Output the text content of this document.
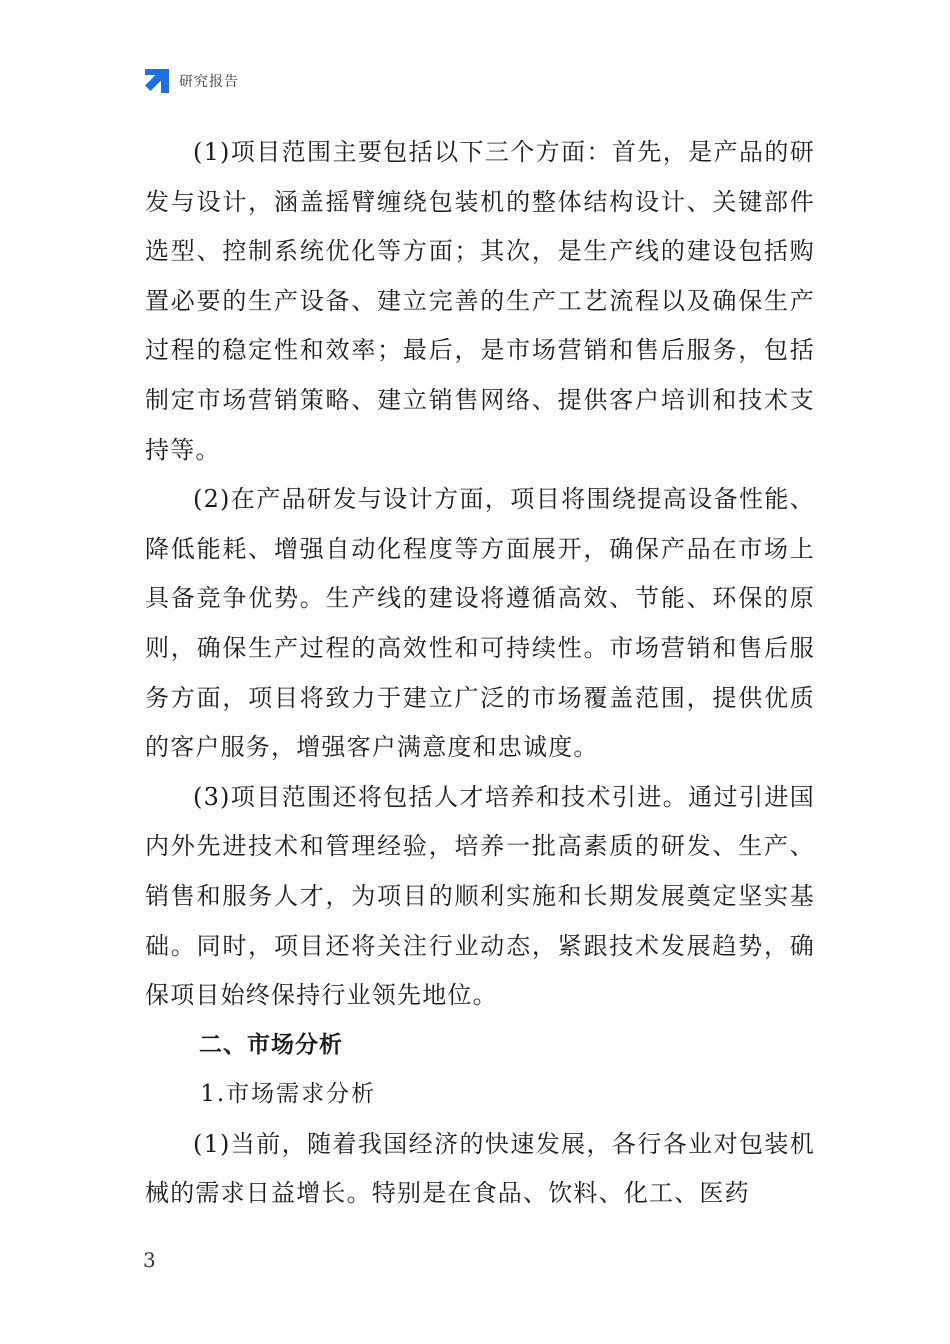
研究报告

(1)项目范围主要包括以下三个方面：首先，是产品的研发与设计，涵盖摇臂缠绕包装机的整体结构设计、关键部件选型、控制系统优化等方面；其次，是生产线的建设包括购置必要的生产设备、建立完善的生产工艺流程以及确保生产过程的稳定性和效率；最后，是市场营销和售后服务，包括制定市场营销策略、建立销售网络、提供客户培训和技术支持等。

(2)在产品研发与设计方面，项目将围绕提高设备性能、降低能耗、增强自动化程度等方面展开，确保产品在市场上具备竞争优势。生产线的建设将遵循高效、节能、环保的原则，确保生产过程的高效性和可持续性。市场营销和售后服务方面，项目将致力于建立广泛的市场覆盖范围，提供优质的客户服务，增强客户满意度和忠诚度。

(3)项目范围还将包括人才培养和技术引进。通过引进国内外先进技术和管理经验，培养一批高素质的研发、生产、销售和服务人才，为项目的顺利实施和长期发展奠定坚实基础。同时，项目还将关注行业动态，紧跟技术发展趋势，确保项目始终保持行业领先地位。

二、市场分析

1.市场需求分析

(1)当前，随着我国经济的快速发展，各行各业对包装机械的需求日益增长。特别是在食品、饮料、化工、医药

3
